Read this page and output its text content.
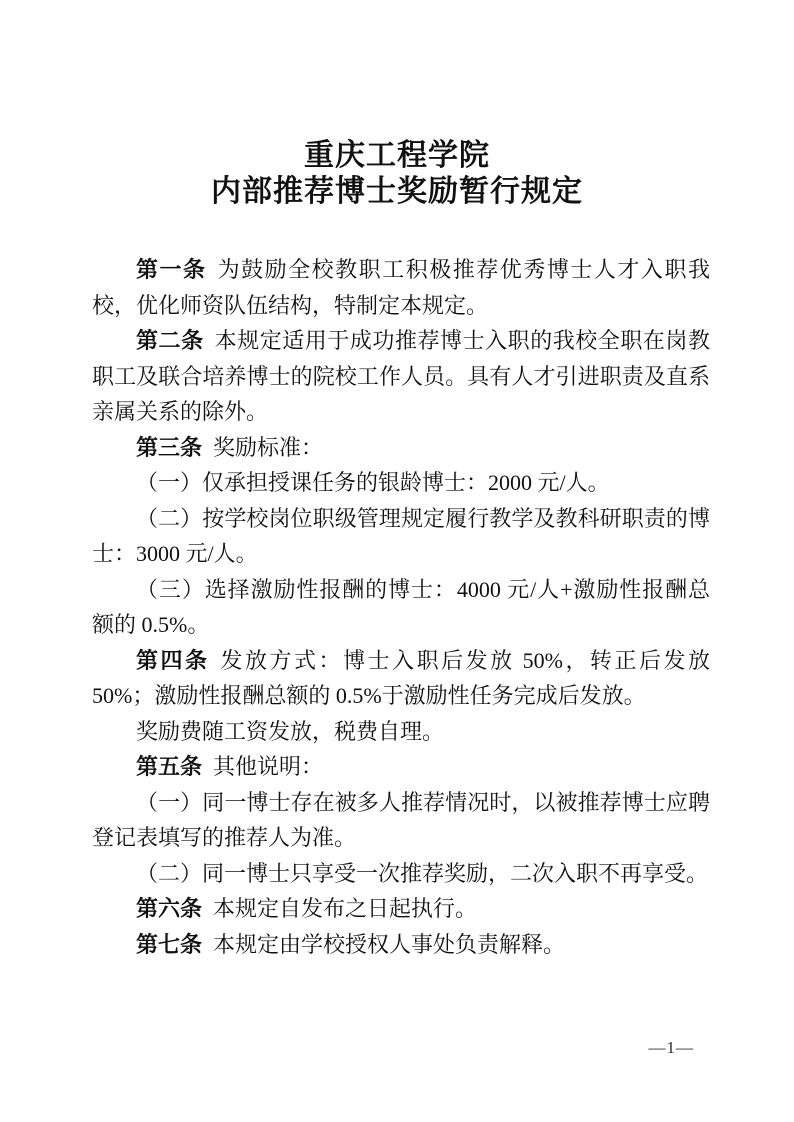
重庆工程学院
内部推荐博士奖励暂行规定

第一条 为鼓励全校教职工积极推荐优秀博士人才入职我校，优化师资队伍结构，特制定本规定。

第二条 本规定适用于成功推荐博士入职的我校全职在岗教职工及联合培养博士的院校工作人员。具有人才引进职责及直系亲属关系的除外。

第三条 奖励标准：

（一）仅承担授课任务的银龄博士：2000 元/人。

（二）按学校岗位职级管理规定履行教学及教科研职责的博士：3000 元/人。

（三）选择激励性报酬的博士：4000 元/人+激励性报酬总额的 0.5%。

第四条 发放方式：博士入职后发放 50%，转正后发放 50%；激励性报酬总额的 0.5%于激励性任务完成后发放。

奖励费随工资发放，税费自理。

第五条 其他说明：

（一）同一博士存在被多人推荐情况时，以被推荐博士应聘登记表填写的推荐人为准。

（二）同一博士只享受一次推荐奖励，二次入职不再享受。

第六条 本规定自发布之日起执行。

第七条 本规定由学校授权人事处负责解释。

—1—
